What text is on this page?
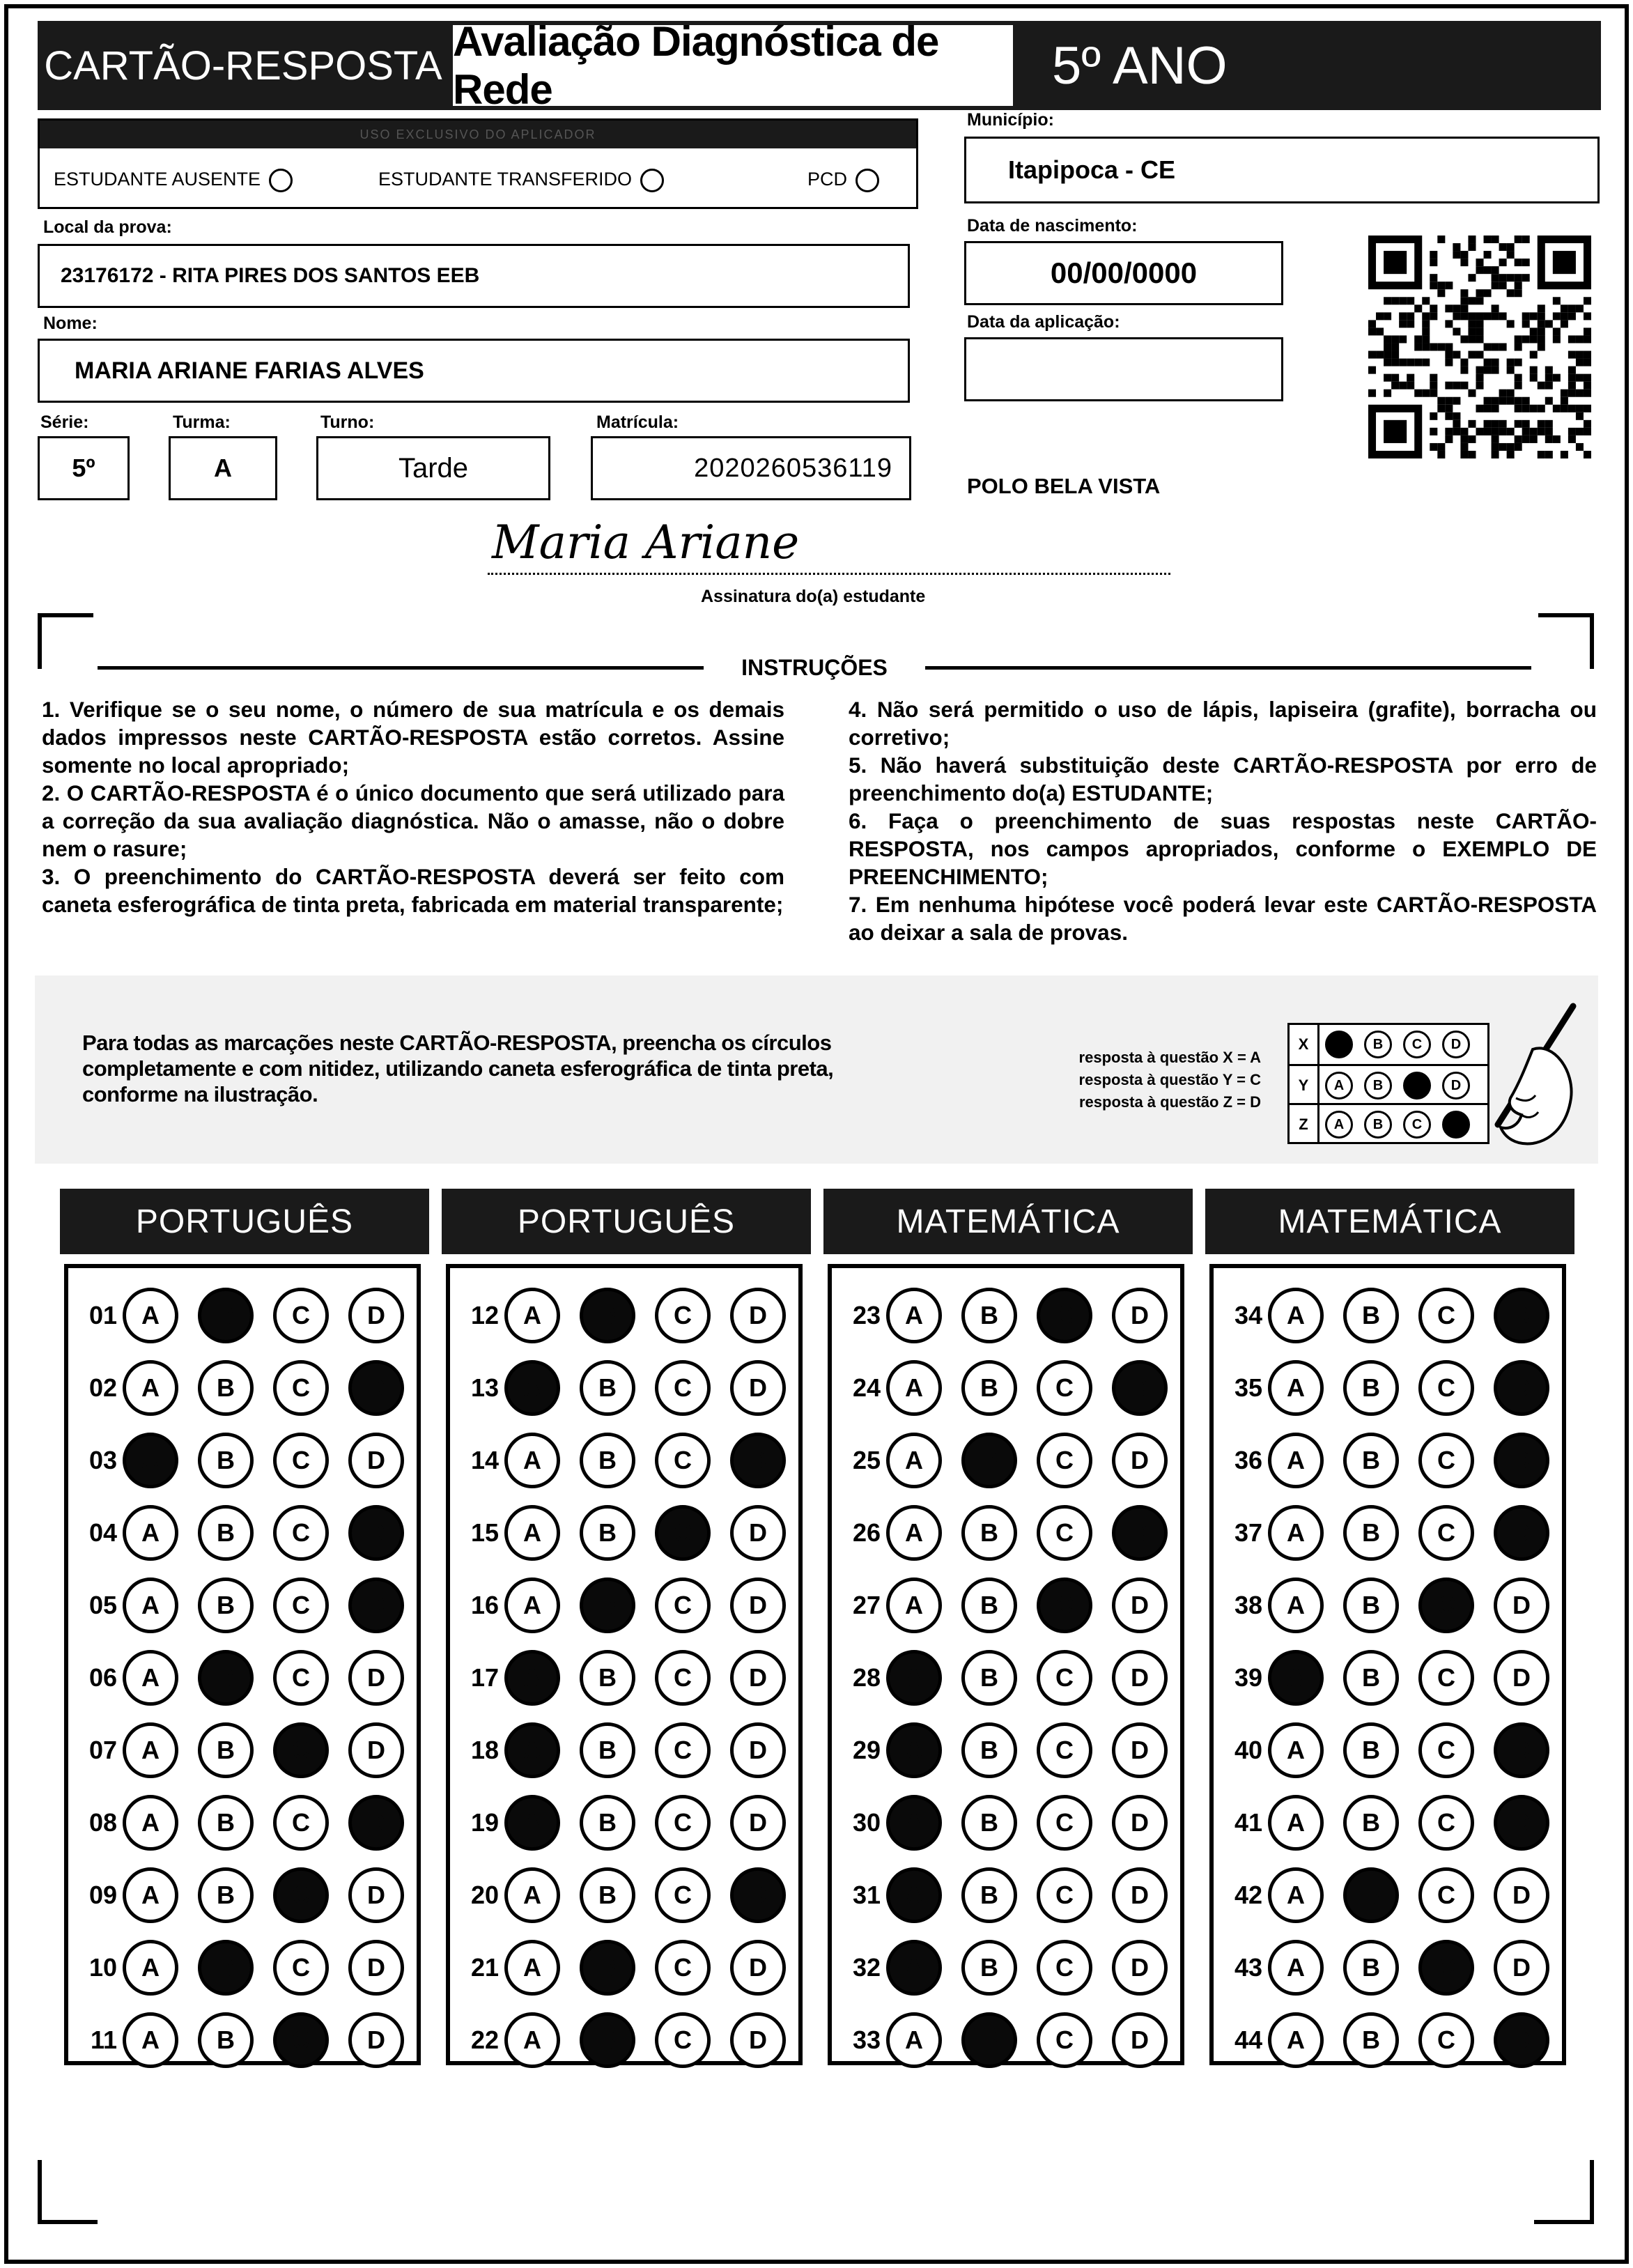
CARTÃO-RESPOSTA
Avaliação Diagnóstica de Rede	5º ANO
USO EXCLUSIVO DO APLICADOR
ESTUDANTE AUSENTE	ESTUDANTE TRANSFERIDO	PCD
Município:
Itapipoca - CE
Local da prova:
23176172 - RITA PIRES DOS SANTOS EEB
Data de nascimento:
00/00/0000
Data da aplicação:
Nome:
MARIA ARIANE FARIAS ALVES
Série:
5º
Turma:
A
Turno:
Tarde
Matrícula:
2020260536119
POLO BELA VISTA
Maria Ariane
Assinatura do(a) estudante
INSTRUÇÕES

1. Verifique se o seu nome, o número de sua matrícula e os demais dados impressos neste CARTÃO-RESPOSTA estão corretos. Assine somente no local apropriado;

2. O CARTÃO-RESPOSTA é o único documento que será utilizado para a correção da sua avaliação diagnóstica. Não o amasse, não o dobre nem o rasure;

3. O preenchimento do CARTÃO-RESPOSTA deverá ser feito com caneta esferográfica de tinta preta, fabricada em material transparente;

4. Não será permitido o uso de lápis, lapiseira (grafite), borracha ou corretivo;

5. Não haverá substituição deste CARTÃO-RESPOSTA por erro de preenchimento do(a) ESTUDANTE;

6. Faça o preenchimento de suas respostas neste CARTÃO-RESPOSTA, nos campos apropriados, conforme o EXEMPLO DE PREENCHIMENTO;

7. Em nenhuma hipótese você poderá levar este CARTÃO-RESPOSTA ao deixar a sala de provas.

Para todas as marcações neste CARTÃO-RESPOSTA, preencha os círculos completamente e com nitidez, utilizando caneta esferográfica de tinta preta, conforme na ilustração.
resposta à questão X = A
resposta à questão Y = C
resposta à questão Z = D
X	A	B	C	D
Y	A	B	C	D
Z	A	B	C	D
PORTUGUÊS
01 A	B	C	D
02 A	B	C	D
03 A	B	C	D
04 A	B	C	D
05 A	B	C	D
06 A	B	C	D
07 A	B	C	D
08 A	B	C	D
09 A	B	C	D
10 A	B	C	D
11 A	B	C	D
PORTUGUÊS
12 A	B	C	D
13 A	B	C	D
14 A	B	C	D
15 A	B	C	D
16 A	B	C	D
17 A	B	C	D
18 A	B	C	D
19 A	B	C	D
20 A	B	C	D
21 A	B	C	D
22 A	B	C	D
MATEMÁTICA
23 A	B	C	D
24 A	B	C	D
25 A	B	C	D
26 A	B	C	D
27 A	B	C	D
28 A	B	C	D
29 A	B	C	D
30 A	B	C	D
31 A	B	C	D
32 A	B	C	D
33 A	B	C	D
MATEMÁTICA
34 A	B	C	D
35 A	B	C	D
36 A	B	C	D
37 A	B	C	D
38 A	B	C	D
39 A	B	C	D
40 A	B	C	D
41 A	B	C	D
42 A	B	C	D
43 A	B	C	D
44 A	B	C	D
